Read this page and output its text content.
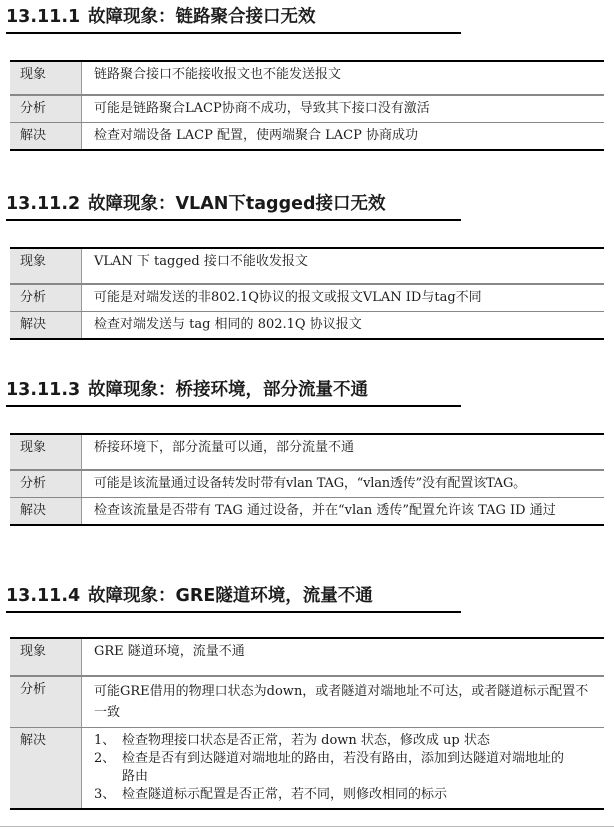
13.11.1 故障现象：链路聚合接口无效
现象	链路聚合接口不能接收报文也不能发送报文
分析	可能是链路聚合LACP协商不成功，导致其下接口没有激活
解决	检查对端设备 LACP 配置，使两端聚合 LACP 协商成功
13.11.2 故障现象：VLAN下tagged接口无效
现象	VLAN 下 tagged 接口不能收发报文
分析	可能是对端发送的非802.1Q协议的报文或报文VLAN ID与tag不同
解决	检查对端发送与 tag 相同的 802.1Q 协议报文
13.11.3 故障现象：桥接环境，部分流量不通
现象	桥接环境下，部分流量可以通，部分流量不通
分析	可能是该流量通过设备转发时带有vlan TAG，“vlan透传”没有配置该TAG。
解决	检查该流量是否带有 TAG 通过设备，并在“vlan 透传”配置允许该 TAG ID 通过
13.11.4 故障现象：GRE隧道环境，流量不通
现象	GRE 隧道环境，流量不通
分析	可能GRE借用的物理口状态为down，或者隧道对端地址不可达，或者隧道标示配置不一致
解决	1、 检查物理接口状态是否正常，若为 down 状态，修改成 up 状态
2、 检查是否有到达隧道对端地址的路由，若没有路由，添加到达隧道对端地址的路由
3、 检查隧道标示配置是否正常，若不同，则修改相同的标示
